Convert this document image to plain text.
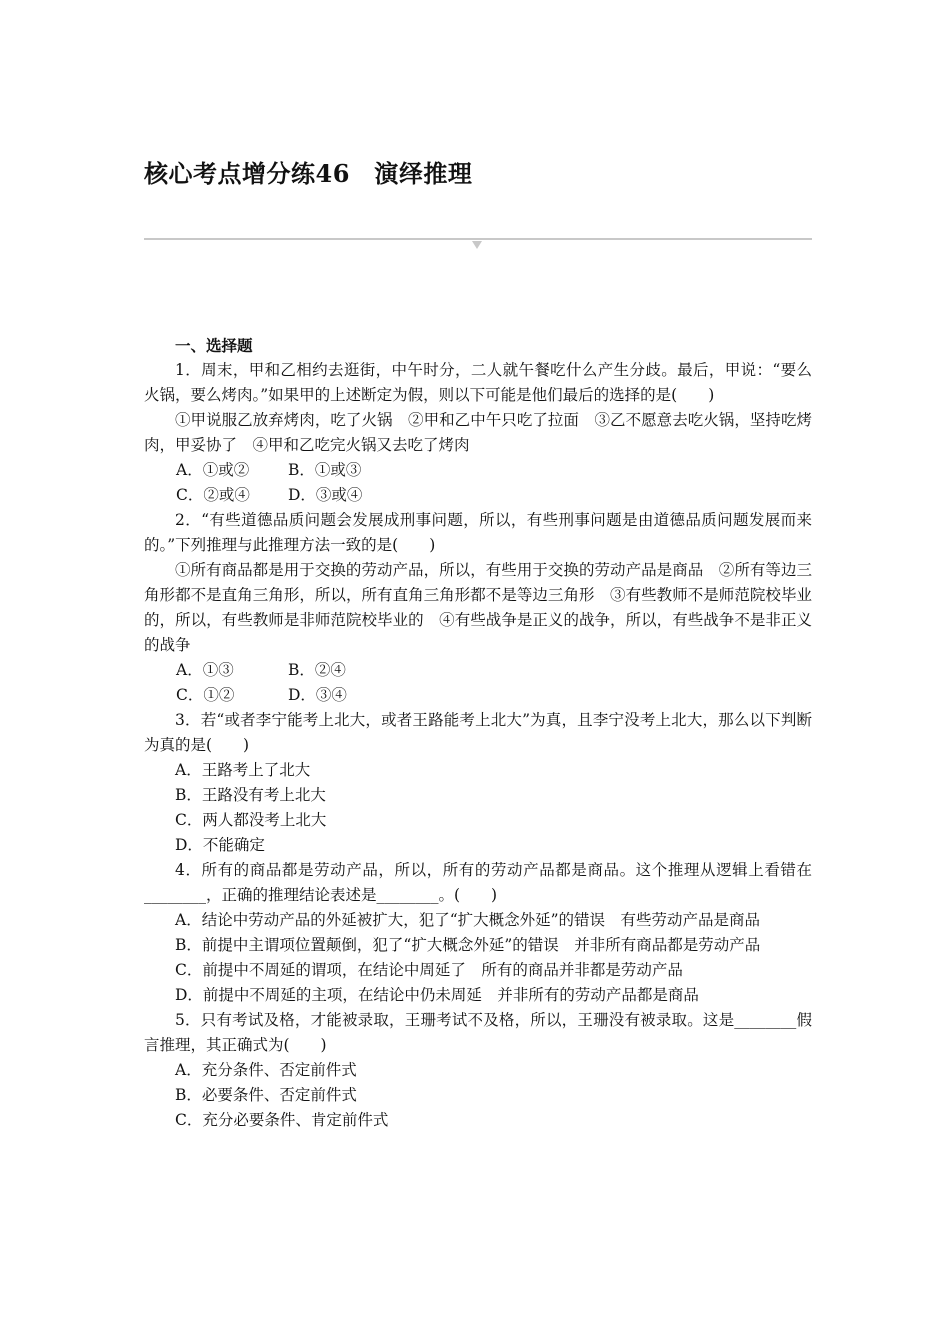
核心考点增分练46　演绎推理

一、选择题

1．周末，甲和乙相约去逛街，中午时分，二人就午餐吃什么产生分歧。最后，甲说：“要么火锅，要么烤肉。”如果甲的上述断定为假，则以下可能是他们最后的选择的是(　　)

①甲说服乙放弃烤肉，吃了火锅　②甲和乙中午只吃了拉面　③乙不愿意去吃火锅，坚持吃烤肉，甲妥协了　④甲和乙吃完火锅又去吃了烤肉

A．①或②	B．①或③
C．②或④ D．③或④

2．“有些道德品质问题会发展成刑事问题，所以，有些刑事问题是由道德品质问题发展而来的。”下列推理与此推理方法一致的是(　　)

①所有商品都是用于交换的劳动产品，所以，有些用于交换的劳动产品是商品　②所有等边三角形都不是直角三角形，所以，所有直角三角形都不是等边三角形　③有些教师不是师范院校毕业的，所以，有些教师是非师范院校毕业的　④有些战争是正义的战争，所以，有些战争不是非正义的战争

A．①③	B．②④
C．①②	D．③④

3．若“或者李宁能考上北大，或者王路能考上北大”为真，且李宁没考上北大，那么以下判断为真的是(　　)

A．王路考上了北大

B．王路没有考上北大

C．两人都没考上北大

D．不能确定

4．所有的商品都是劳动产品，所以，所有的劳动产品都是商品。这个推理从逻辑上看错在________，正确的推理结论表述是________。(　　)

A．结论中劳动产品的外延被扩大，犯了“扩大概念外延”的错误　有些劳动产品是商品

B．前提中主谓项位置颠倒，犯了“扩大概念外延”的错误　并非所有商品都是劳动产品

C．前提中不周延的谓项，在结论中周延了　所有的商品并非都是劳动产品

D．前提中不周延的主项，在结论中仍未周延　并非所有的劳动产品都是商品

5．只有考试及格，才能被录取，王珊考试不及格，所以，王珊没有被录取。这是________假言推理，其正确式为(　　)

A．充分条件、否定前件式

B．必要条件、否定前件式

C．充分必要条件、肯定前件式
